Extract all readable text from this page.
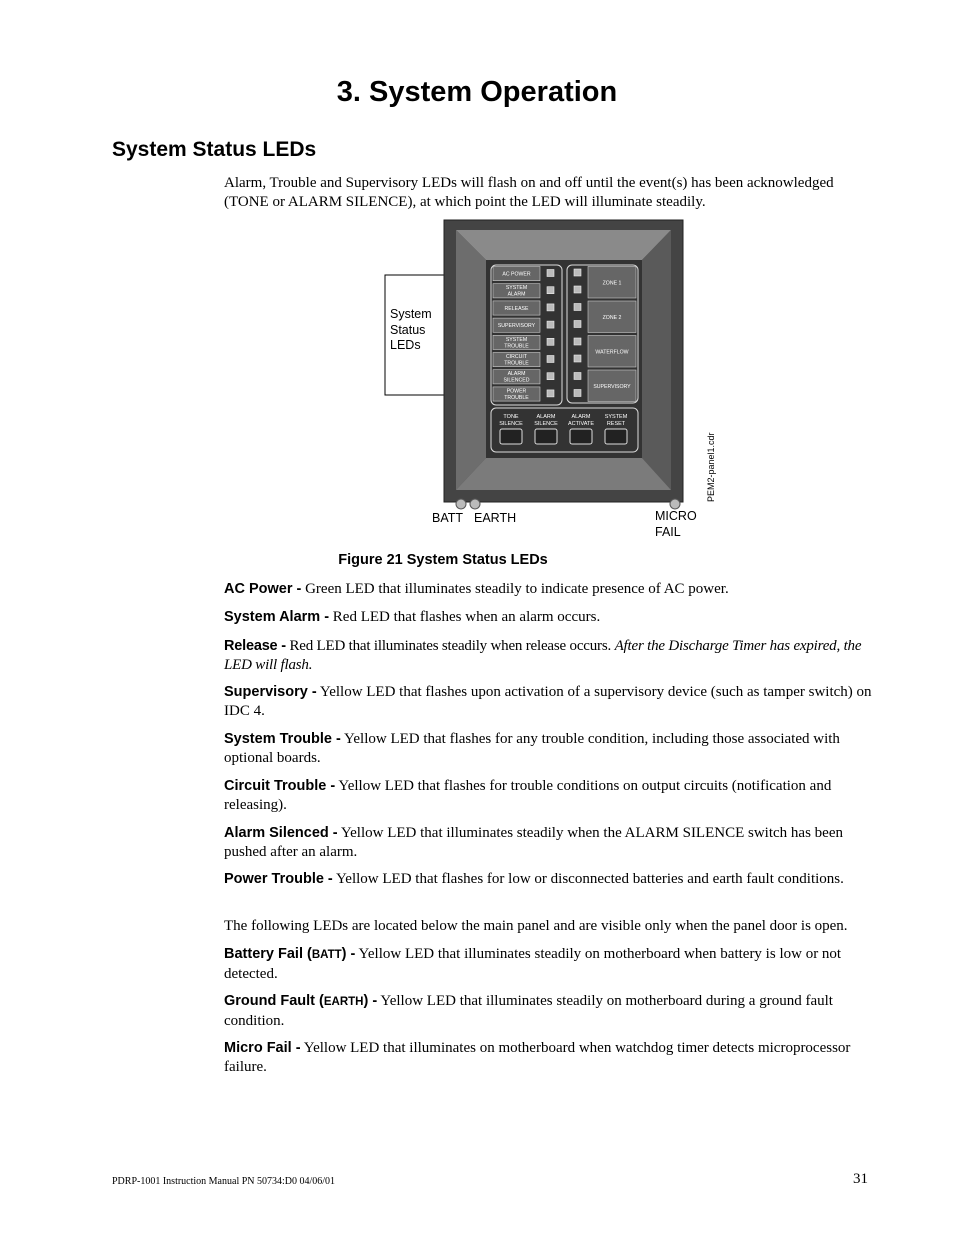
3. System Operation
System Status LEDs
Alarm, Trouble and Supervisory LEDs will flash on and off until the event(s) has been acknowledged (TONE or ALARM SILENCE), at which point the LED will illuminate steadily.
AC POWER
SYSTEM
ALARM
RELEASE
SUPERVISORY
SYSTEM
TROUBLE
CIRCUIT
TROUBLE
ALARM
SILENCED
POWER
TROUBLE
ZONE 1
ZONE 2
WATERFLOW
SUPERVISORY
TONE
SILENCE
ALARM
SILENCE
ALARM
ACTIVATE
SYSTEM
RESET
System
Status
LEDs
PEM2-panel1.cdr
BATT EARTH	MICRO
FAIL
Figure 21 System Status LEDs
AC Power - Green LED that illuminates steadily to indicate presence of AC power.
System Alarm - Red LED that flashes when an alarm occurs.
Release - Red LED that illuminates steadily when release occurs. After the Discharge Timer has expired, the LED will flash.
Supervisory - Yellow LED that flashes upon activation of a supervisory device (such as tamper switch) on IDC 4.
System Trouble - Yellow LED that flashes for any trouble condition, including those associated with optional boards.
Circuit Trouble - Yellow LED that flashes for trouble conditions on output circuits (notification and releasing).
Alarm Silenced - Yellow LED that illuminates steadily when the ALARM SILENCE switch has been pushed after an alarm.
Power Trouble - Yellow LED that flashes for low or disconnected batteries and earth fault conditions.
The following LEDs are located below the main panel and are visible only when the panel door is open.
Battery Fail (BATT) - Yellow LED that illuminates steadily on motherboard when battery is low or not detected.
Ground Fault (EARTH) - Yellow LED that illuminates steadily on motherboard during a ground fault condition.
Micro Fail - Yellow LED that illuminates on motherboard when watchdog timer detects microprocessor failure.
PDRP-1001 Instruction Manual PN 50734:D0 04/06/01	31
